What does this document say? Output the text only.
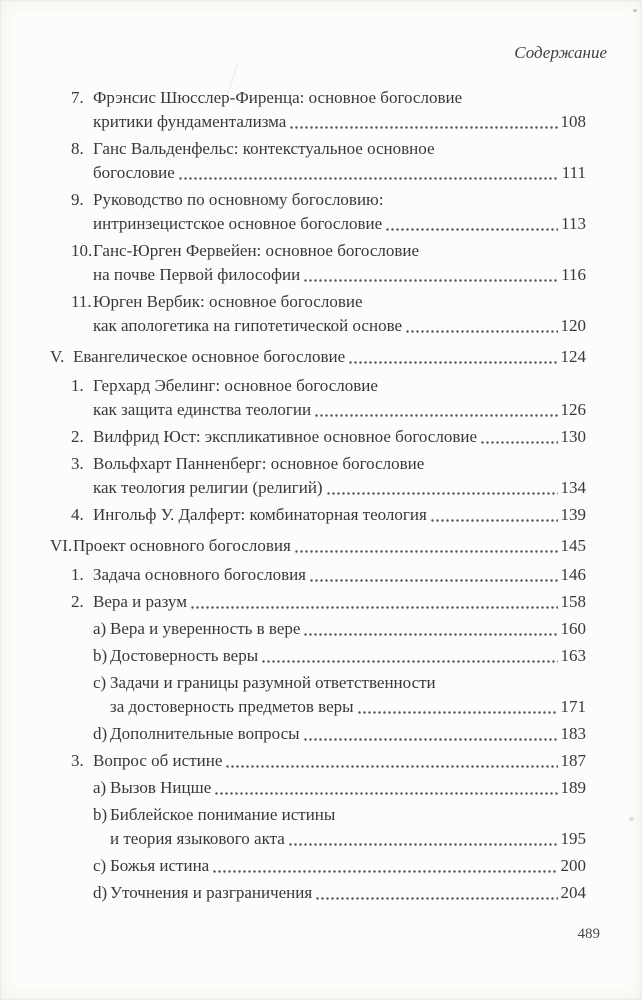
Содержание
7. Фрэнсис Шюсслер-Фиренца: основное богословие
критики фундаментализма	108
8. Ганс Вальденфельс: контекстуальное основное
богословие	111
9. Руководство по основному богословию:
интринзецистское основное богословие	113
10. Ганс-Юрген Фервейен: основное богословие
на почве Первой философии	116
11. Юрген Вербик: основное богословие
как апологетика на гипотетической основе	120
V. Евангелическое основное богословие	124
1. Герхард Эбелинг: основное богословие
как защита единства теологии	126
2. Вилфрид Юст: экспликативное основное богословие	130
3. Вольфхарт Панненберг: основное богословие
как теология религии (религий)	134
4. Ингольф У. Далферт: комбинаторная теология	139
VI. Проект основного богословия	145
1. Задача основного богословия	146
2. Вера и разум	158
a) Вера и уверенность в вере	160
b) Достоверность веры	163
c) Задачи и границы разумной ответственности
за достоверность предметов веры	171
d) Дополнительные вопросы	183
3. Вопрос об истине	187
a) Вызов Ницше	189
b) Библейское понимание истины
и теория языкового акта	195
c) Божья истина	200
d) Уточнения и разграничения	204
489
